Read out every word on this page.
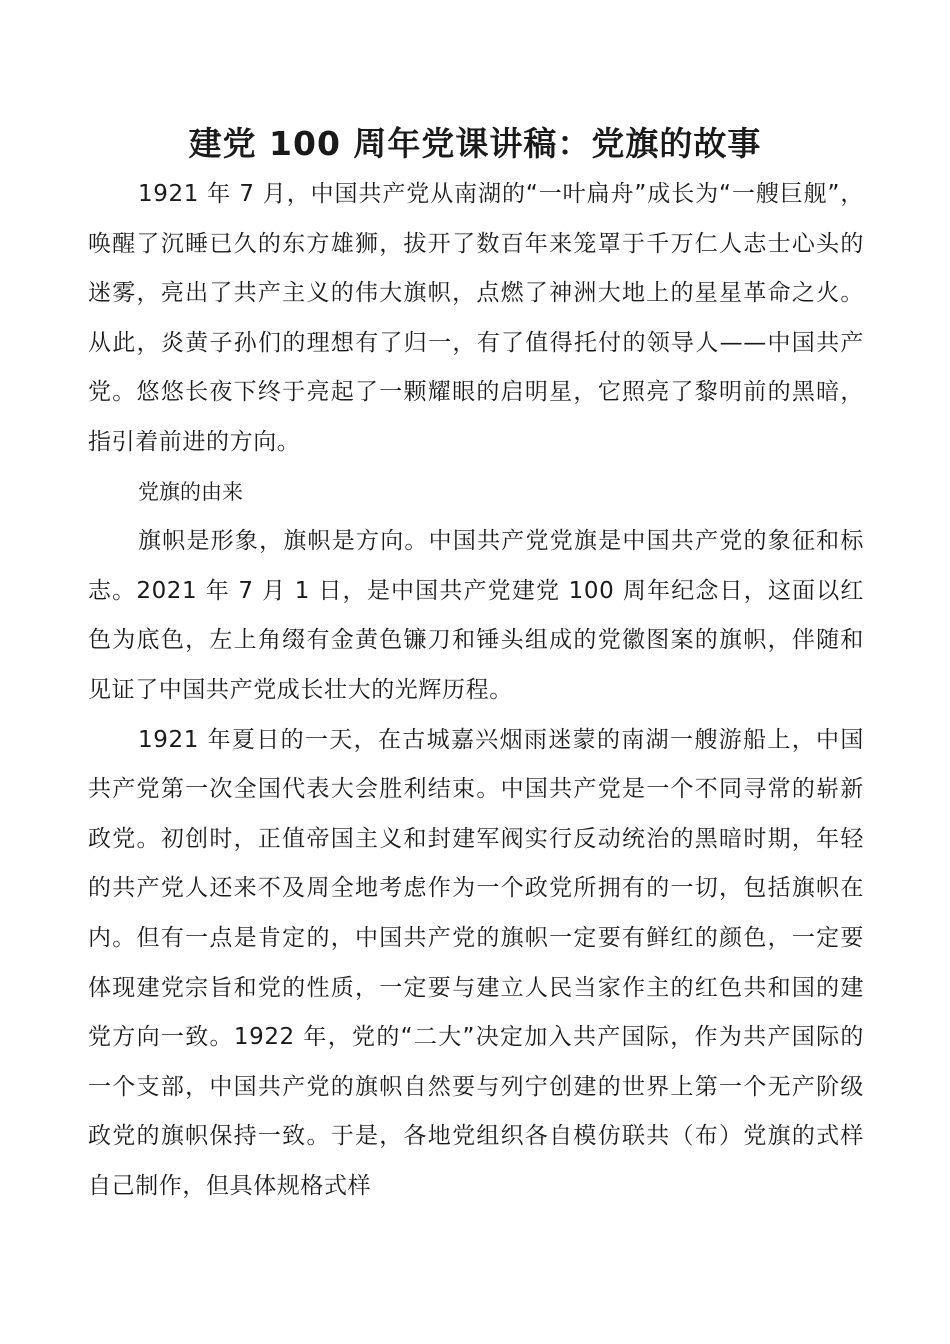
建党 100 周年党课讲稿：党旗的故事

1921 年 7 月，中国共产党从南湖的“一叶扁舟”成长为“一艘巨舰”，唤醒了沉睡已久的东方雄狮，拔开了数百年来笼罩于千万仁人志士心头的迷雾，亮出了共产主义的伟大旗帜，点燃了神洲大地上的星星革命之火。从此，炎黄子孙们的理想有了归一，有了值得托付的领导人——中国共产党。悠悠长夜下终于亮起了一颗耀眼的启明星，它照亮了黎明前的黑暗，指引着前进的方向。

党旗的由来

旗帜是形象，旗帜是方向。中国共产党党旗是中国共产党的象征和标志。2021 年 7 月 1 日，是中国共产党建党 100 周年纪念日，这面以红色为底色，左上角缀有金黄色镰刀和锤头组成的党徽图案的旗帜，伴随和见证了中国共产党成长壮大的光辉历程。

1921 年夏日的一天，在古城嘉兴烟雨迷蒙的南湖一艘游船上，中国共产党第一次全国代表大会胜利结束。中国共产党是一个不同寻常的崭新政党。初创时，正值帝国主义和封建军阀实行反动统治的黑暗时期，年轻的共产党人还来不及周全地考虑作为一个政党所拥有的一切，包括旗帜在内。但有一点是肯定的，中国共产党的旗帜一定要有鲜红的颜色，一定要体现建党宗旨和党的性质，一定要与建立人民当家作主的红色共和国的建党方向一致。1922 年，党的“二大”决定加入共产国际，作为共产国际的一个支部，中国共产党的旗帜自然要与列宁创建的世界上第一个无产阶级政党的旗帜保持一致。于是，各地党组织各自模仿联共（布）党旗的式样自己制作，但具体规格式样
